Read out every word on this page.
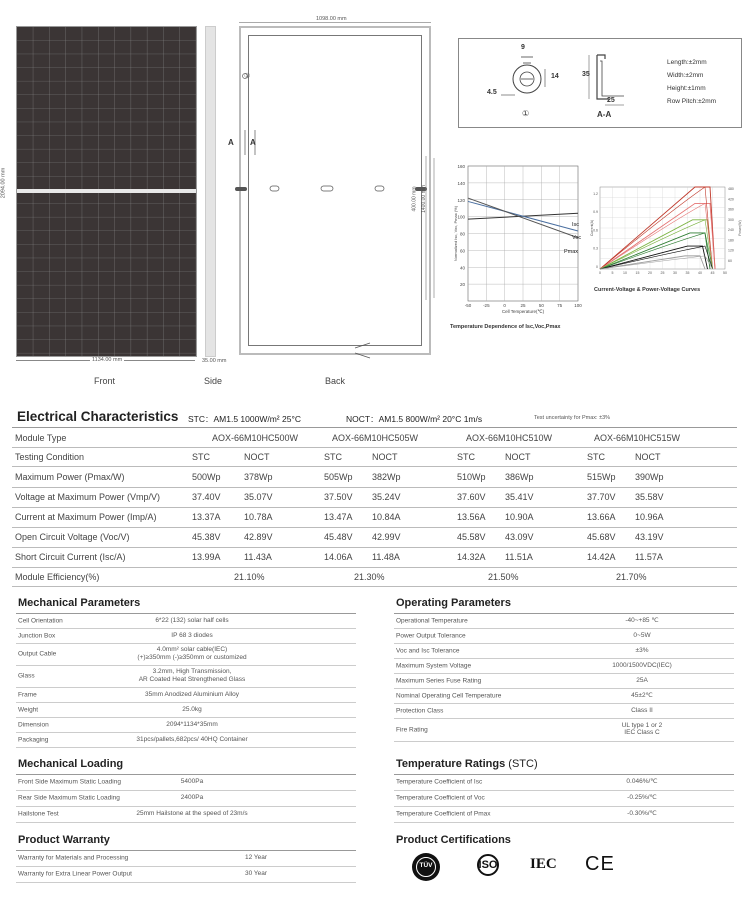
2094.00 mm
1134.00 mm
Front
35.00 mm
Side
1098.00 mm
A A
①
400.00 mm 1400.00 mm
Back
9
14
4.5
35
25
①	A-A
Length:±2mm
Width:±2mm
Height:±1mm
Row Pitch:±2mm
160
140
120
100
80
60
40
20
-50	-25	0	25	50	75	100
Cell Temperature(℃)
Normalized Isc, Voc, Pmax (%)	Isc
Voc
Pmax
Temperature Dependence of Isc,Voc,Pmax
1.2
0.9
0.6
0.3
0
480
420
360
300
240
180
120
60
0	5	10 15 20 25 30 35 40 45 50
Current(A)	Power(W)
Current-Voltage & Power-Voltage Curves
Electrical Characteristics STC：AM1.5 1000W/m² 25°C	NOCT：AM1.5 800W/m² 20°C 1m/s	Test uncertainty for Pmax: ±3%
Module Type	AOX-66M10HC500W	AOX-66M10HC505W	AOX-66M10HC510W	AOX-66M10HC515W
Testing Condition	STC	NOCT	STC	NOCT	STC	NOCT	STC	NOCT
Maximum Power (Pmax/W)	500Wp	378Wp	505Wp 382Wp	510Wp 386Wp	515Wp 390Wp
Voltage at Maximum Power (Vmp/V)	37.40V	35.07V	37.50V 35.24V	37.60V 35.41V	37.70V 35.58V
Current at Maximum Power (Imp/A)	13.37A	10.78A	13.47A 10.84A	13.56A 10.90A	13.66A 10.96A
Open Circuit Voltage (Voc/V)	45.38V	42.89V	45.48V 42.99V	45.58V 43.09V	45.68V 43.19V
Short Circuit Current (Isc/A)	13.99A	11.43A	14.06A 11.48A	14.32A 11.51A	14.42A 11.57A
Module Efficiency(%)	21.10%	21.30%	21.50%	21.70%
Mechanical Parameters
Cell Orientation	6*22 (132) solar half cells
Junction Box	IP 68 3 diodes
Output Cable
4.0mm² solar cable(IEC)
(+)≥350mm (-)≥350mm or customized
Glass
3.2mm, High Transmission,
AR Coated Heat Strengthened Glass
Frame	35mm Anodized Aluminium Alloy
Weight	25.0kg
Dimension	2094*1134*35mm
Packaging	31pcs/pallets,682pcs/ 40HQ Container
Operating Parameters
Operational Temperature	-40~+85 ℃
Power Output Tolerance	0~5W
Voc and Isc Tolerance	±3%
Maximum System Voltage	1000/1500VDC(IEC)
Maximum Series Fuse Rating	25A
Nominal Operating Cell Temperature	45±2℃
Protection Class	Class II
Fire Rating
UL type 1 or 2
IEC Class C
Mechanical Loading
Front Side Maximum Static Loading	5400Pa
Rear Side Maximum Static Loading	2400Pa
Hailstone Test	25mm Hailstone at the speed of 23m/s
Temperature Ratings (STC)
Temperature Coefficient of Isc	0.046%/℃
Temperature Coefficient of Voc	-0.25%/℃
Temperature Coefficient of Pmax	-0.30%/℃
Product Warranty
Warranty for Materials and Processing	12 Year
Warranty for Extra Linear Power Output	30 Year
Product Certifications
TÜV	ISO	IEC CE
